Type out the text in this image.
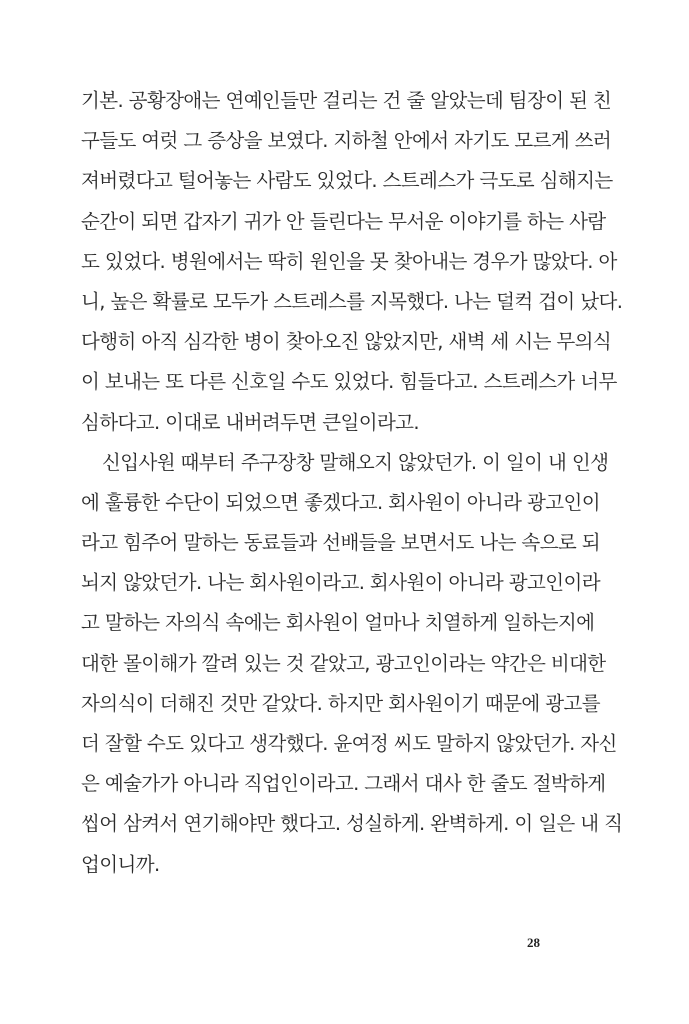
기본. 공황장애는 연예인들만 걸리는 건 줄 알았는데 팀장이 된 친
구들도 여럿 그 증상을 보였다. 지하철 안에서 자기도 모르게 쓰러
져버렸다고 털어놓는 사람도 있었다. 스트레스가 극도로 심해지는
순간이 되면 갑자기 귀가 안 들린다는 무서운 이야기를 하는 사람
도 있었다. 병원에서는 딱히 원인을 못 찾아내는 경우가 많았다. 아
니, 높은 확률로 모두가 스트레스를 지목했다. 나는 덜컥 겁이 났다.
다행히 아직 심각한 병이 찾아오진 않았지만, 새벽 세 시는 무의식
이 보내는 또 다른 신호일 수도 있었다. 힘들다고. 스트레스가 너무
심하다고. 이대로 내버려두면 큰일이라고.
신입사원 때부터 주구장창 말해오지 않았던가. 이 일이 내 인생
에 훌륭한 수단이 되었으면 좋겠다고. 회사원이 아니라 광고인이
라고 힘주어 말하는 동료들과 선배들을 보면서도 나는 속으로 되
뇌지 않았던가. 나는 회사원이라고. 회사원이 아니라 광고인이라
고 말하는 자의식 속에는 회사원이 얼마나 치열하게 일하는지에
대한 몰이해가 깔려 있는 것 같았고, 광고인이라는 약간은 비대한
자의식이 더해진 것만 같았다. 하지만 회사원이기 때문에 광고를
더 잘할 수도 있다고 생각했다. 윤여정 씨도 말하지 않았던가. 자신
은 예술가가 아니라 직업인이라고. 그래서 대사 한 줄도 절박하게
씹어 삼켜서 연기해야만 했다고. 성실하게. 완벽하게. 이 일은 내 직
업이니까.
28
